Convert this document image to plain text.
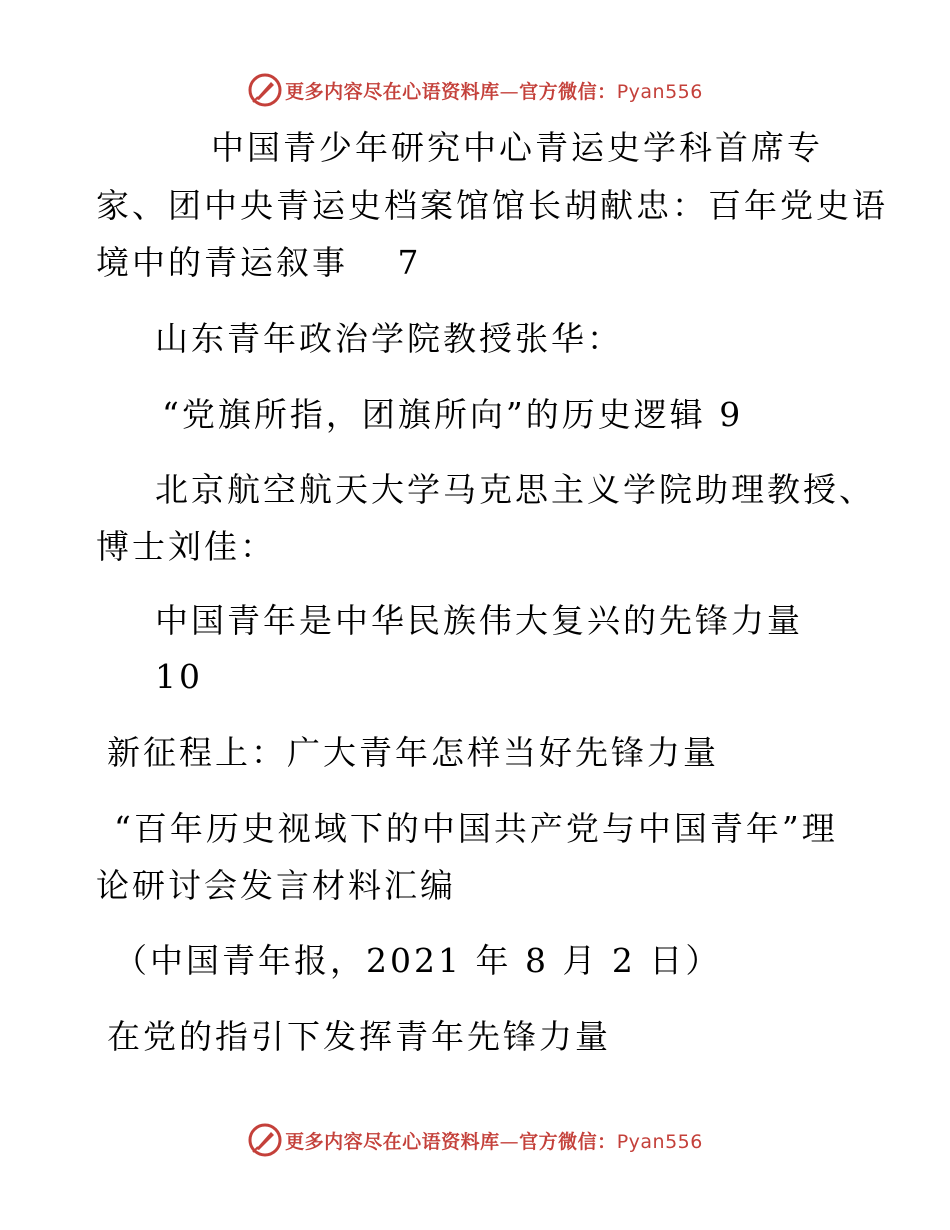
更多内容尽在心语资料库—官方微信：Pyan556
中国青少年研究中心青运史学科首席专
家、团中央青运史档案馆馆长胡献忠：百年党史语
境中的青运叙事　 7
山东青年政治学院教授张华：
“党旗所指，团旗所向”的历史逻辑 9
北京航空航天大学马克思主义学院助理教授、
博士刘佳：
中国青年是中华民族伟大复兴的先锋力量
10
新征程上：广大青年怎样当好先锋力量
“百年历史视域下的中国共产党与中国青年”理
论研讨会发言材料汇编
（中国青年报，2021 年 8 月 2 日）
在党的指引下发挥青年先锋力量
更多内容尽在心语资料库—官方微信：Pyan556
